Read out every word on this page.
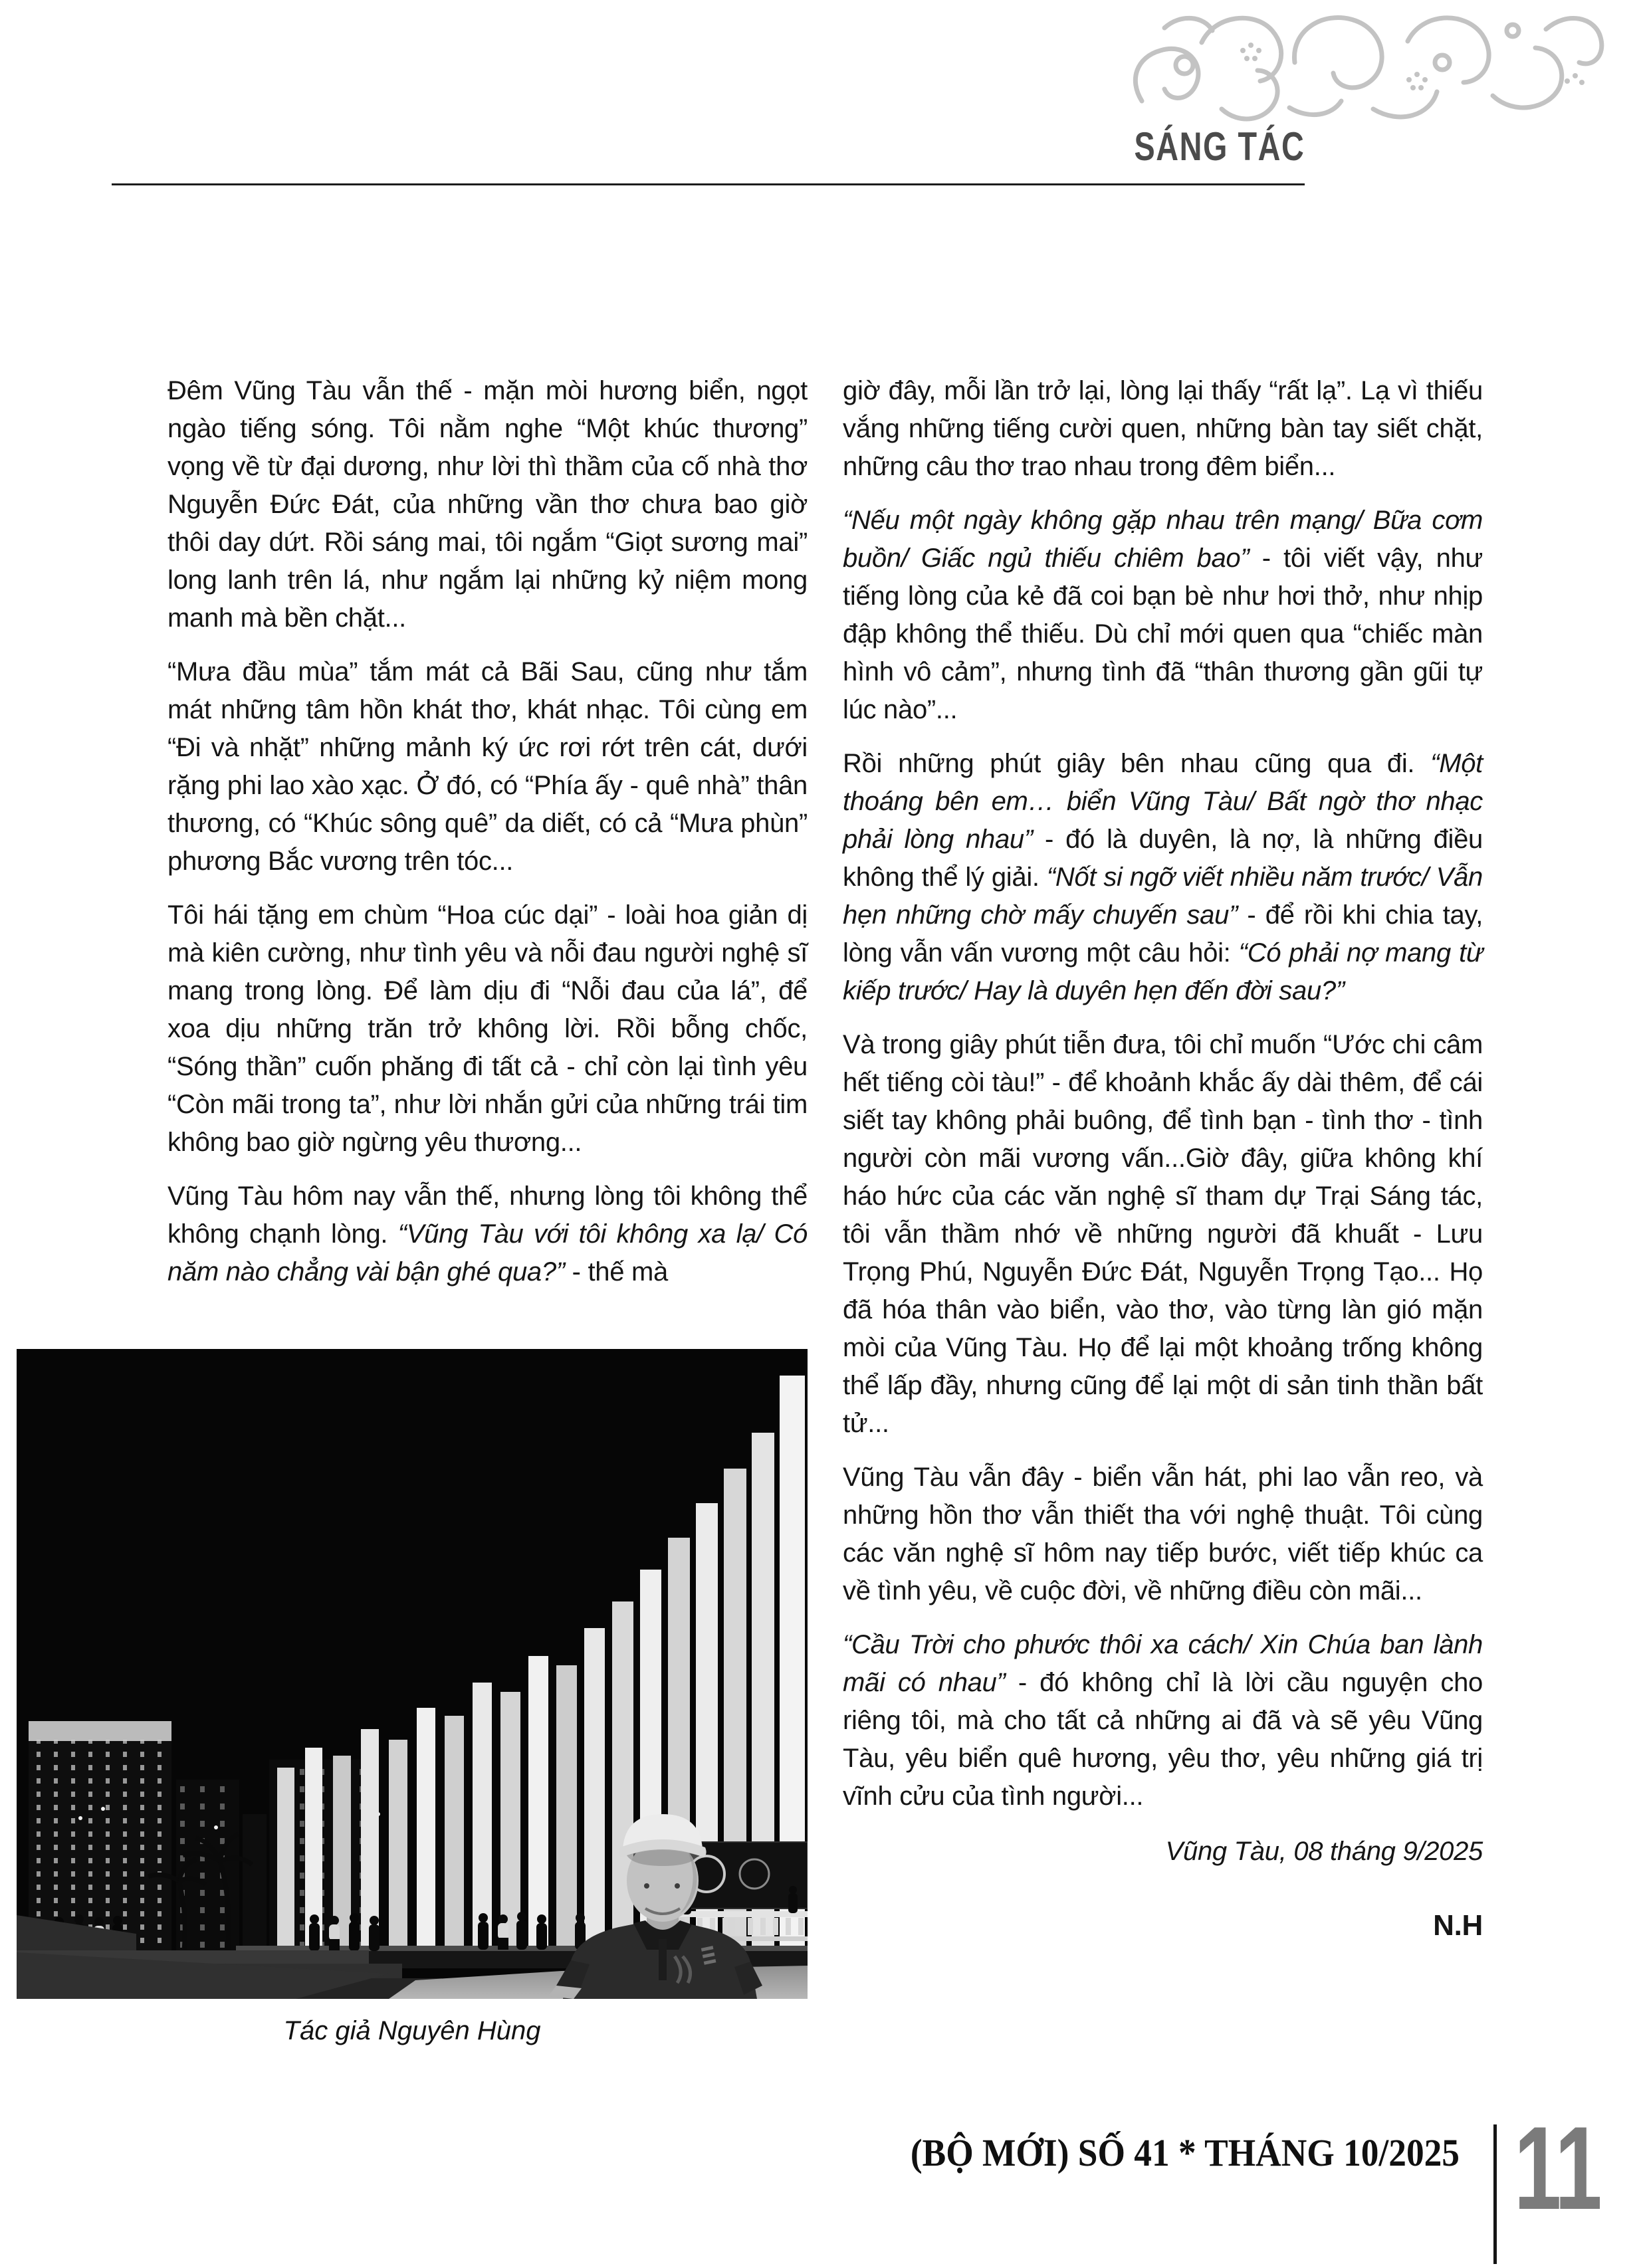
SÁNG TÁC

Đêm Vũng Tàu vẫn thế - mặn mòi hương biển, ngọt ngào tiếng sóng. Tôi nằm nghe “Một khúc thương” vọng về từ đại dương, như lời thì thầm của cố nhà thơ Nguyễn Đức Đát, của những vần thơ chưa bao giờ thôi day dứt. Rồi sáng mai, tôi ngắm “Giọt sương mai” long lanh trên lá, như ngắm lại những kỷ niệm mong manh mà bền chặt...

“Mưa đầu mùa” tắm mát cả Bãi Sau, cũng như tắm mát những tâm hồn khát thơ, khát nhạc. Tôi cùng em “Đi và nhặt” những mảnh ký ức rơi rớt trên cát, dưới rặng phi lao xào xạc. Ở đó, có “Phía ấy - quê nhà” thân thương, có “Khúc sông quê” da diết, có cả “Mưa phùn” phương Bắc vương trên tóc...

Tôi hái tặng em chùm “Hoa cúc dại” - loài hoa giản dị mà kiên cường, như tình yêu và nỗi đau người nghệ sĩ mang trong lòng. Để làm dịu đi “Nỗi đau của lá”, để xoa dịu những trăn trở không lời. Rồi bỗng chốc, “Sóng thần” cuốn phăng đi tất cả - chỉ còn lại tình yêu “Còn mãi trong ta”, như lời nhắn gửi của những trái tim không bao giờ ngừng yêu thương...

Vũng Tàu hôm nay vẫn thế, nhưng lòng tôi không thể không chạnh lòng. “Vũng Tàu với tôi không xa lạ/ Có năm nào chẳng vài bận ghé qua?” - thế mà

giờ đây, mỗi lần trở lại, lòng lại thấy “rất lạ”. Lạ vì thiếu vắng những tiếng cười quen, những bàn tay siết chặt, những câu thơ trao nhau trong đêm biển...

“Nếu một ngày không gặp nhau trên mạng/ Bữa cơm buồn/ Giấc ngủ thiếu chiêm bao” - tôi viết vậy, như tiếng lòng của kẻ đã coi bạn bè như hơi thở, như nhịp đập không thể thiếu. Dù chỉ mới quen qua “chiếc màn hình vô cảm”, nhưng tình đã “thân thương gần gũi tự lúc nào”...

Rồi những phút giây bên nhau cũng qua đi. “Một thoáng bên em… biển Vũng Tàu/ Bất ngờ thơ nhạc phải lòng nhau” - đó là duyên, là nợ, là những điều không thể lý giải. “Nốt si ngỡ viết nhiều năm trước/ Vẫn hẹn những chờ mấy chuyến sau” - để rồi khi chia tay, lòng vẫn vấn vương một câu hỏi: “Có phải nợ mang từ kiếp trước/ Hay là duyên hẹn đến đời sau?”

Và trong giây phút tiễn đưa, tôi chỉ muốn “Ước chi câm hết tiếng còi tàu!” - để khoảnh khắc ấy dài thêm, để cái siết tay không phải buông, để tình bạn - tình thơ - tình người còn mãi vương vấn...Giờ đây, giữa không khí háo hức của các văn nghệ sĩ tham dự Trại Sáng tác, tôi vẫn thầm nhớ về những người đã khuất - Lưu Trọng Phú, Nguyễn Đức Đát, Nguyễn Trọng Tạo... Họ đã hóa thân vào biển, vào thơ, vào từng làn gió mặn mòi của Vũng Tàu. Họ để lại một khoảng trống không thể lấp đầy, nhưng cũng để lại một di sản tinh thần bất tử...

Vũng Tàu vẫn đây - biển vẫn hát, phi lao vẫn reo, và những hồn thơ vẫn thiết tha với nghệ thuật. Tôi cùng các văn nghệ sĩ hôm nay tiếp bước, viết tiếp khúc ca về tình yêu, về cuộc đời, về những điều còn mãi...

“Cầu Trời cho phước thôi xa cách/ Xin Chúa ban lành mãi có nhau” - đó không chỉ là lời cầu nguyện cho riêng tôi, mà cho tất cả những ai đã và sẽ yêu Vũng Tàu, yêu biển quê hương, yêu thơ, yêu những giá trị vĩnh cửu của tình người...

Vũng Tàu, 08 tháng 9/2025
N.H
Tác giả Nguyên Hùng
(BỘ MỚI) SỐ 41 * THÁNG 10/2025 11
